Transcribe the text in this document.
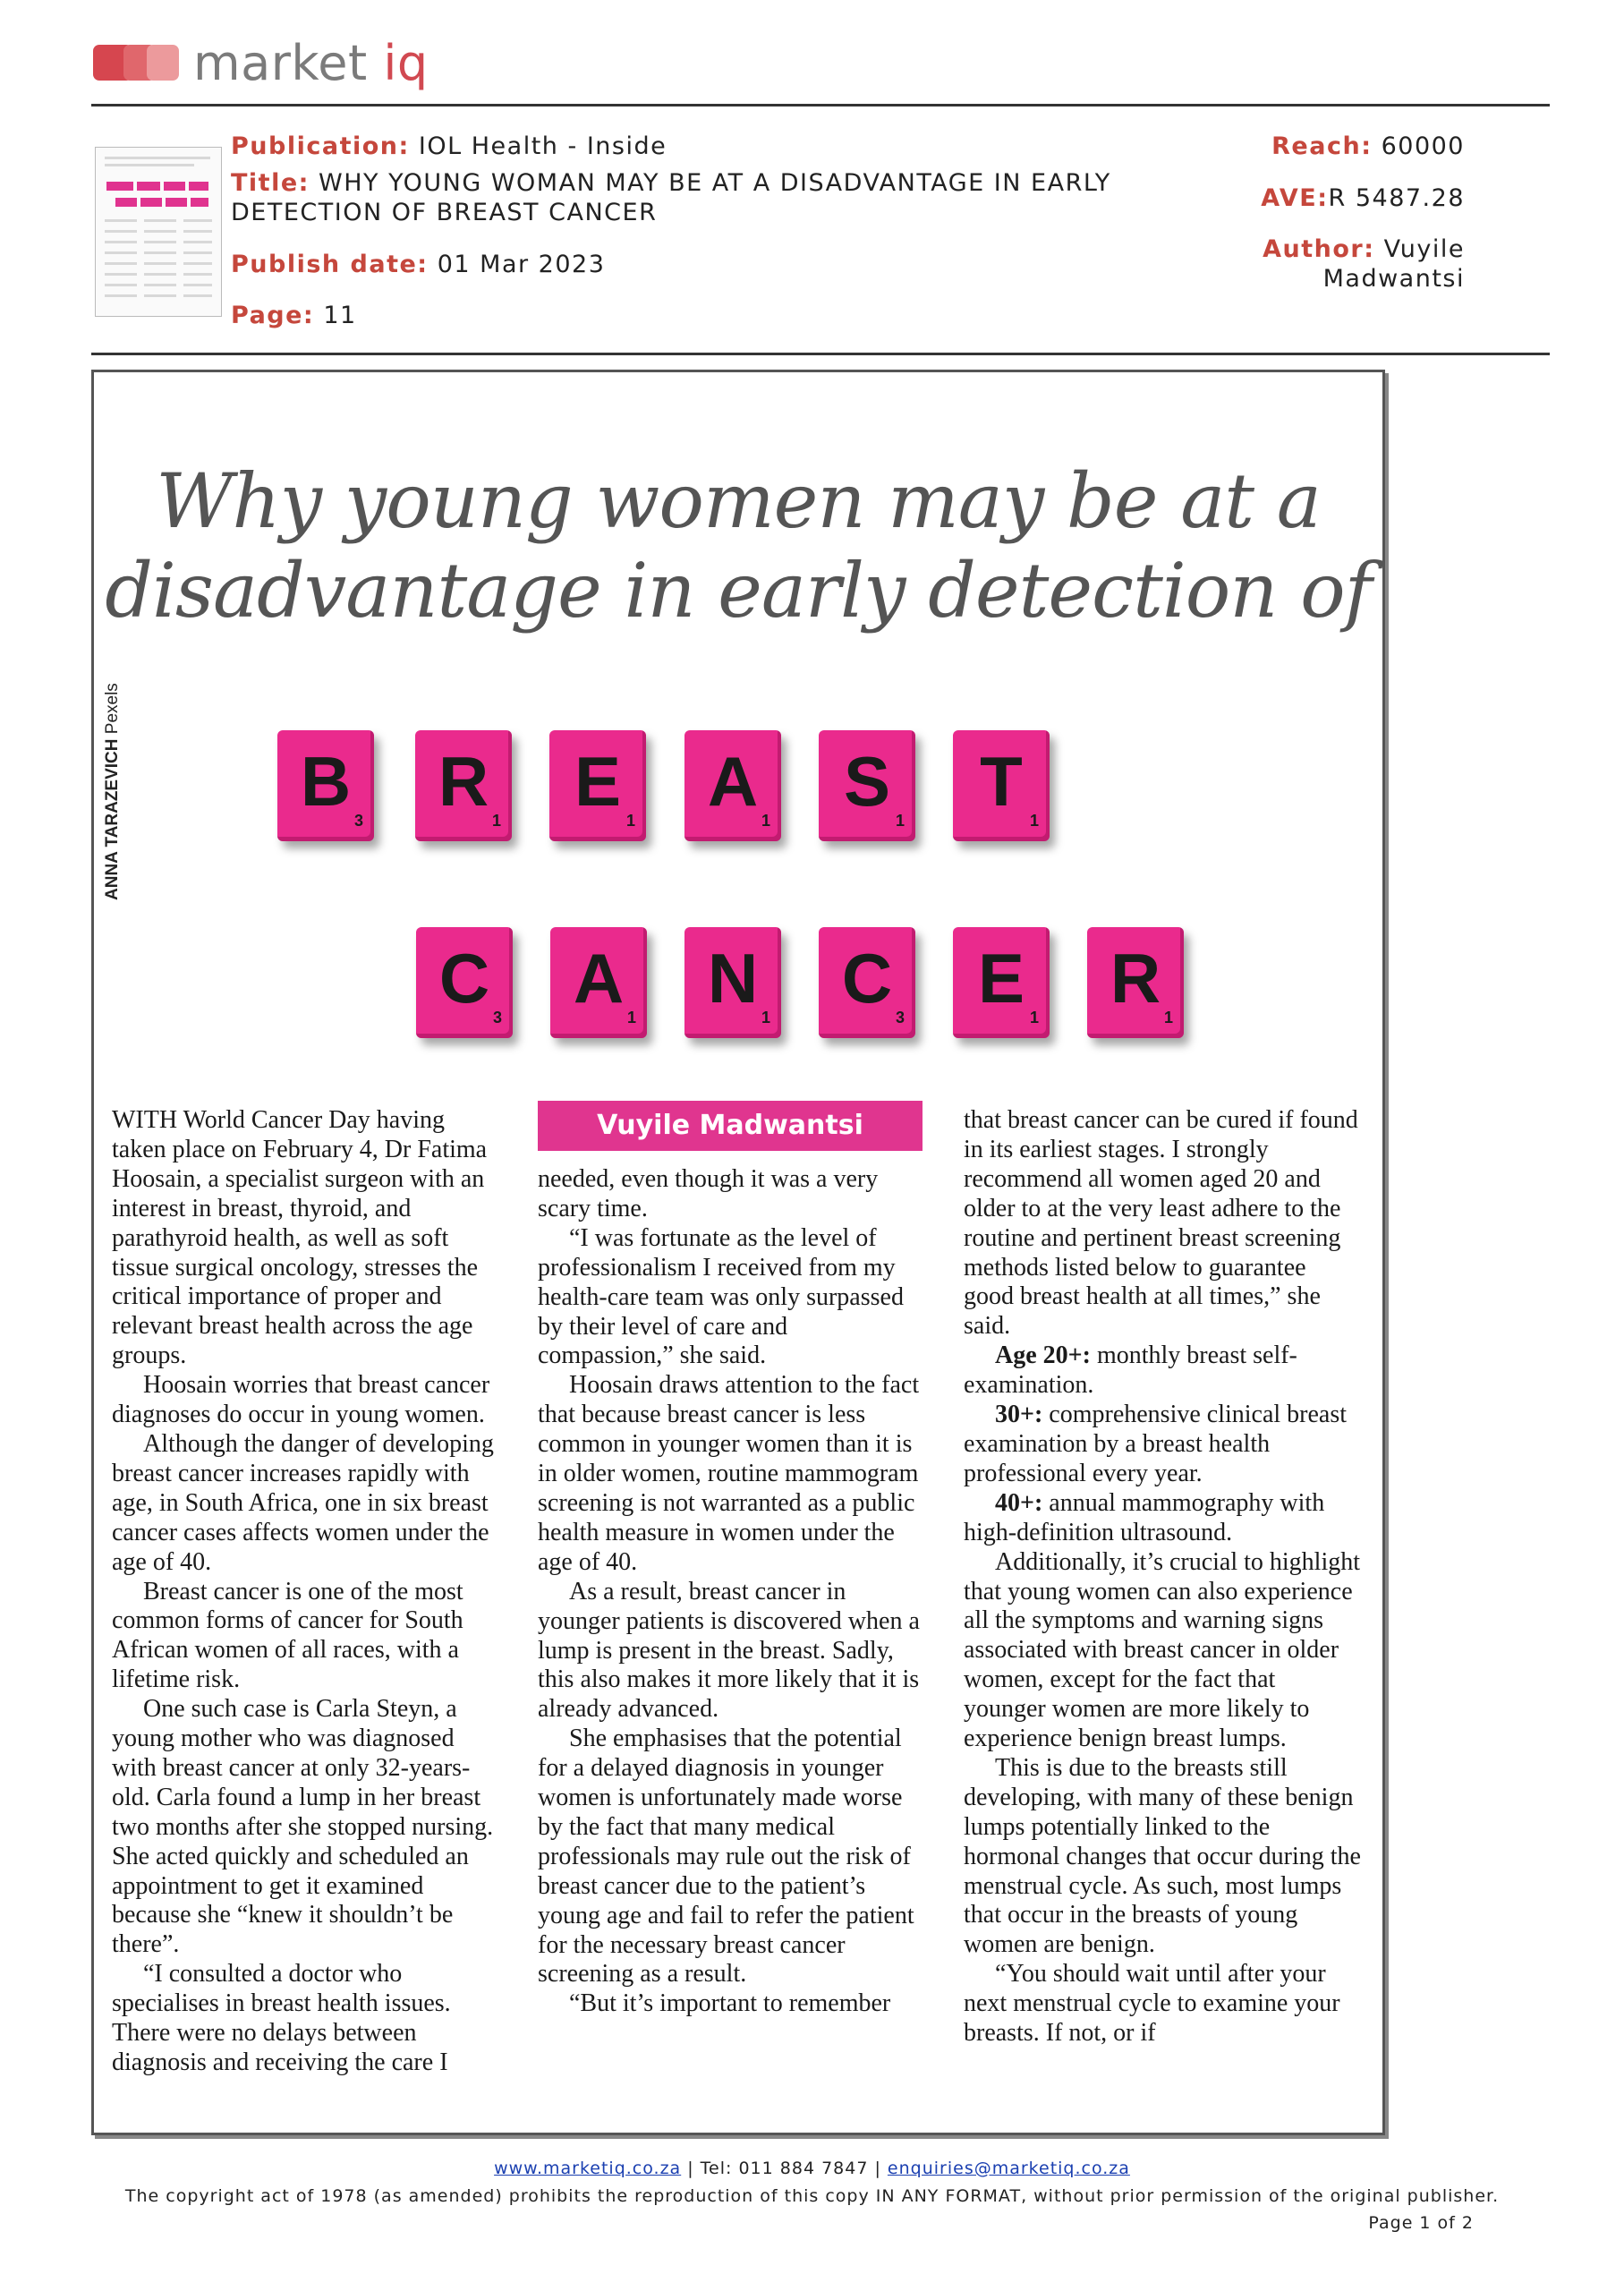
market iq
Publication: IOL Health - Inside
Title: WHY YOUNG WOMAN MAY BE AT A DISADVANTAGE IN EARLY
DETECTION OF BREAST CANCER
Publish date: 01 Mar 2023
Page: 11
Reach: 60000
AVE:R 5487.28
Author: Vuyile
Madwantsi
Why young women may be at a
disadvantage in early detection of
ANNA TARAZEVICH Pexels
B 3	R 1	E 1	A 1	S 1	T 1
C 3	A 1	N 1	C 3	E 1	R 1

WITH World Cancer Day having taken place on February 4, Dr Fatima Hoosain, a specialist surgeon with an interest in breast, thyroid, and parathyroid health, as well as soft tissue surgical oncology, stresses the critical importance of proper and relevant breast health across the age groups.

Hoosain worries that breast cancer diagnoses do occur in young women.

Although the danger of developing breast cancer increases rapidly with age, in South Africa, one in six breast cancer cases affects women under the age of 40.

Breast cancer is one of the most common forms of cancer for South African women of all races, with a lifetime risk.

One such case is Carla Steyn, a young mother who was diagnosed with breast cancer at only 32-years-old. Carla found a lump in her breast two months after she stopped nursing. She acted quickly and scheduled an appointment to get it examined because she “knew it shouldn’t be there”.

“I consulted a doctor who specialises in breast health issues. There were no delays between diagnosis and receiving the care I

Vuyile Madwantsi

needed, even though it was a very scary time.

“I was fortunate as the level of professionalism I received from my health-care team was only surpassed by their level of care and compassion,” she said.

Hoosain draws attention to the fact that because breast cancer is less common in younger women than it is in older women, routine mammogram screening is not warranted as a public health measure in women under the age of 40.

As a result, breast cancer in younger patients is discovered when a lump is present in the breast. Sadly, this also makes it more likely that it is already advanced.

She emphasises that the potential for a delayed diagnosis in younger women is unfortunately made worse by the fact that many medical professionals may rule out the risk of breast cancer due to the patient’s young age and fail to refer the patient for the necessary breast cancer screening as a result.

“But it’s important to remember

that breast cancer can be cured if found in its earliest stages. I strongly recommend all women aged 20 and older to at the very least adhere to the routine and pertinent breast screening methods listed below to guarantee good breast health at all times,” she said.

Age 20+: monthly breast self-examination.

30+: comprehensive clinical breast examination by a breast health professional every year.

40+: annual mammography with high-definition ultrasound.

Additionally, it’s crucial to highlight that young women can also experience all the symptoms and warning signs associated with breast cancer in older women, except for the fact that younger women are more likely to experience benign breast lumps.

This is due to the breasts still developing, with many of these benign lumps potentially linked to the hormonal changes that occur during the menstrual cycle. As such, most lumps that occur in the breasts of young women are benign.

“You should wait until after your next menstrual cycle to examine your breasts. If not, or if

www.marketiq.co.za | Tel: 011 884 7847 | enquiries@marketiq.co.za
The copyright act of 1978 (as amended) prohibits the reproduction of this copy IN ANY FORMAT, without prior permission of the original publisher.
Page 1 of 2
